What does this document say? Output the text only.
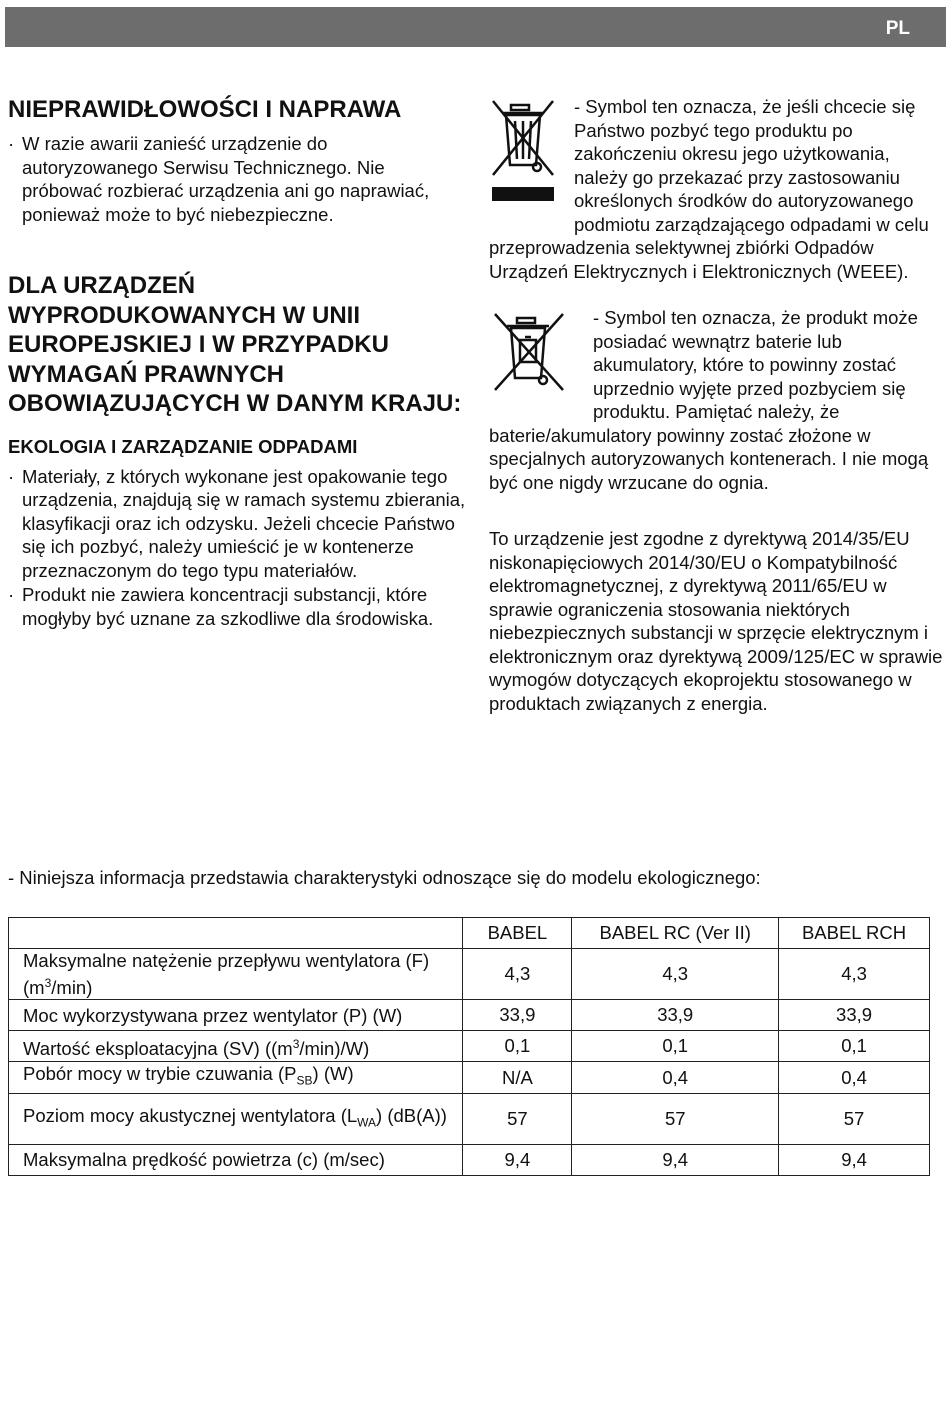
PL
NIEPRAWIDŁOWOŚCI I NAPRAWA
· W razie awarii zanieść urządzenie do autoryzowanego Serwisu Technicznego. Nie próbować rozbierać urządzenia ani go naprawiać, ponieważ może to być niebezpieczne.
DLA URZĄDZEŃ WYPRODUKOWANYCH W UNII EUROPEJSKIEJ I W PRZYPADKU WYMAGAŃ PRAWNYCH OBOWIĄZUJĄCYCH W DANYM KRAJU:
EKOLOGIA I ZARZĄDZANIE ODPADAMI
· Materiały, z których wykonane jest opakowanie tego urządzenia, znajdują się w ramach systemu zbierania, klasyfikacji oraz ich odzysku. Jeżeli chcecie Państwo się ich pozbyć, należy umieścić je w kontenerze przeznaczonym do tego typu materiałów.
· Produkt nie zawiera koncentracji substancji, które mogłyby być uznane za szkodliwe dla środowiska.

- Symbol ten oznacza, że jeśli chcecie się Państwo pozbyć tego produktu po zakończeniu okresu jego użytkowania, należy go przekazać przy zastosowaniu określonych środków do autoryzowanego podmiotu zarządzającego odpadami w celu przeprowadzenia selektywnej zbiórki Odpadów Urządzeń Elektrycznych i Elektronicznych (WEEE).

- Symbol ten oznacza, że produkt może posiadać wewnątrz baterie lub akumulatory, które to powinny zostać uprzednio wyjęte przed pozbyciem się produktu. Pamiętać należy, że baterie/akumulatory powinny zostać złożone w specjalnych autoryzowanych kontenerach. I nie mogą być one nigdy wrzucane do ognia.

To urządzenie jest zgodne z dyrektywą 2014/35/EU niskonapięciowych 2014/30/EU o Kompatybilność elektromagnetycznej, z dyrektywą 2011/65/EU w sprawie ograniczenia stosowania niektórych niebezpiecznych substancji w sprzęcie elektrycznym i elektronicznym oraz dyrektywą 2009/125/EC w sprawie wymogów dotyczących ekoprojektu stosowanego w produktach związanych z energia.

- Niniejsza informacja przedstawia charakterystyki odnoszące się do modelu ekologicznego:
	BABEL	BABEL RC (Ver II)	BABEL RCH
Maksymalne natężenie przepływu wentylatora (F) $(m^3/\min)$	4,3	4,3	4,3
Moc wykorzystywana przez wentylator (P) (W)	33,9	33,9	33,9
Wartość eksploatacyjna (SV) $((m^3/\min)/W)$	0,1	0,1	0,1
Pobór mocy w trybie czuwania $(P_{SB})$ (W)	N/A	0,4	0,4
Poziom mocy akustycznej wentylatora $(L_{WA})$ (dB(A))	57	57	57
Maksymalna prędkość powietrza (c) (m/sec)	9,4	9,4	9,4
